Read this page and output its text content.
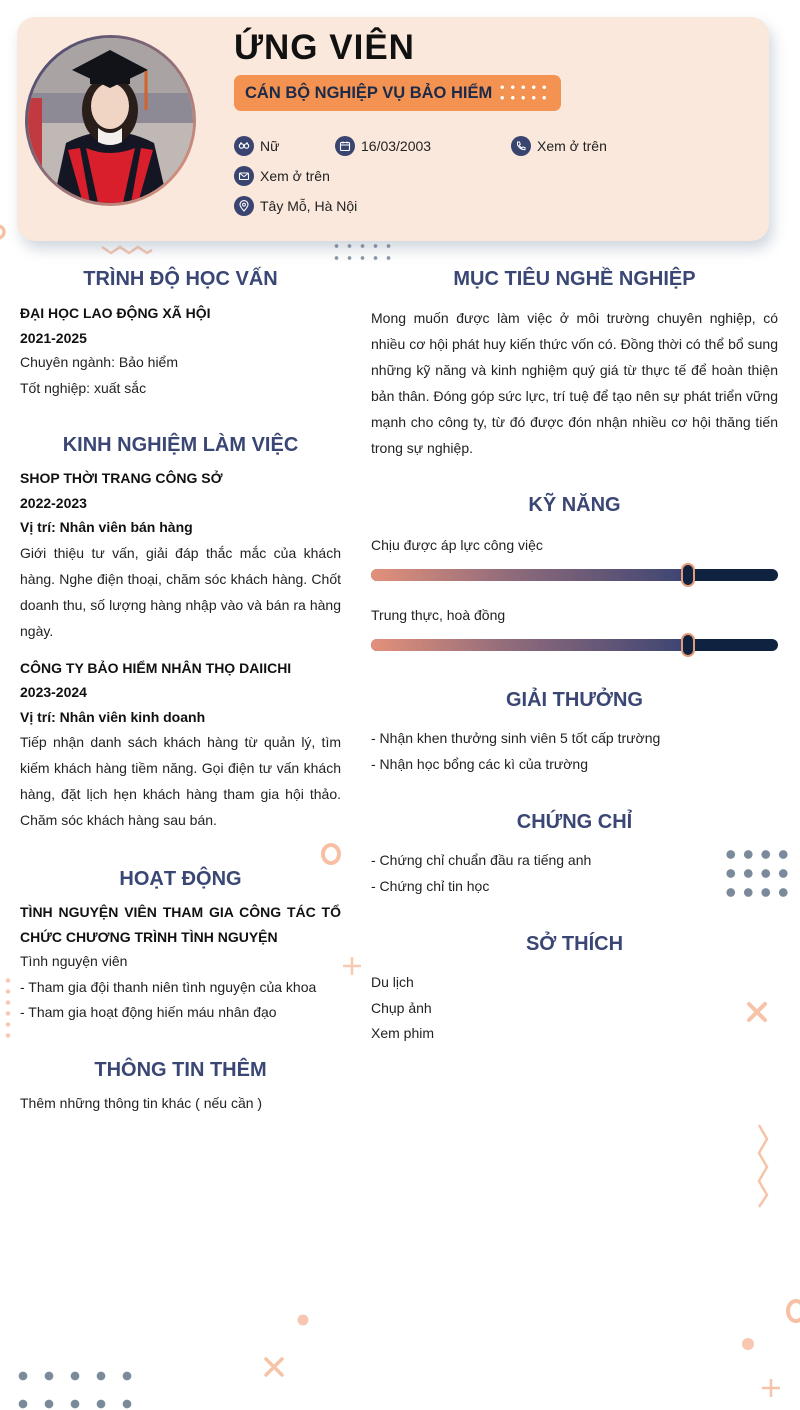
ỨNG VIÊN
CÁN BỘ NGHIỆP VỤ BẢO HIỂM
Nữ	16/03/2003	Xem ở trên
Xem ở trên
Tây Mỗ, Hà Nội
TRÌNH ĐỘ HỌC VẤN
ĐẠI HỌC LAO ĐỘNG XÃ HỘI
2021-2025
Chuyên ngành: Bảo hiểm
Tốt nghiệp: xuất sắc
KINH NGHIỆM LÀM VIỆC
SHOP THỜI TRANG CÔNG SỞ
2022-2023
Vị trí: Nhân viên bán hàng
Giới thiệu tư vấn, giải đáp thắc mắc của khách hàng. Nghe điện thoại, chăm sóc khách hàng. Chốt doanh thu, số lượng hàng nhập vào và bán ra hàng ngày.
CÔNG TY BẢO HIỂM NHÂN THỌ DAIICHI
2023-2024
Vị trí: Nhân viên kinh doanh
Tiếp nhận danh sách khách hàng từ quản lý, tìm kiếm khách hàng tiềm năng. Gọi điện tư vấn khách hàng, đặt lịch hẹn khách hàng tham gia hội thảo. Chăm sóc khách hàng sau bán.
HOẠT ĐỘNG
TÌNH NGUYỆN VIÊN THAM GIA CÔNG TÁC TỔ CHỨC CHƯƠNG TRÌNH TÌNH NGUYỆN
Tình nguyện viên
- Tham gia đội thanh niên tình nguyện của khoa
- Tham gia hoạt động hiến máu nhân đạo
THÔNG TIN THÊM
Thêm những thông tin khác ( nếu cần )
MỤC TIÊU NGHỀ NGHIỆP
Mong muốn được làm việc ở môi trường chuyên nghiệp, có nhiều cơ hội phát huy kiến thức vốn có. Đồng thời có thể bổ sung những kỹ năng và kinh nghiệm quý giá từ thực tế để hoàn thiện bản thân. Đóng góp sức lực, trí tuệ để tạo nên sự phát triển vững mạnh cho công ty, từ đó được đón nhận nhiều cơ hội thăng tiến trong sự nghiệp.
KỸ NĂNG
Chịu được áp lực công việc
Trung thực, hoà đồng
GIẢI THƯỞNG
- Nhận khen thưởng sinh viên 5 tốt cấp trường
- Nhận học bổng các kì của trường
CHỨNG CHỈ
- Chứng chỉ chuẩn đầu ra tiếng anh
- Chứng chỉ tin học
SỞ THÍCH
Du lịch
Chụp ảnh
Xem phim
